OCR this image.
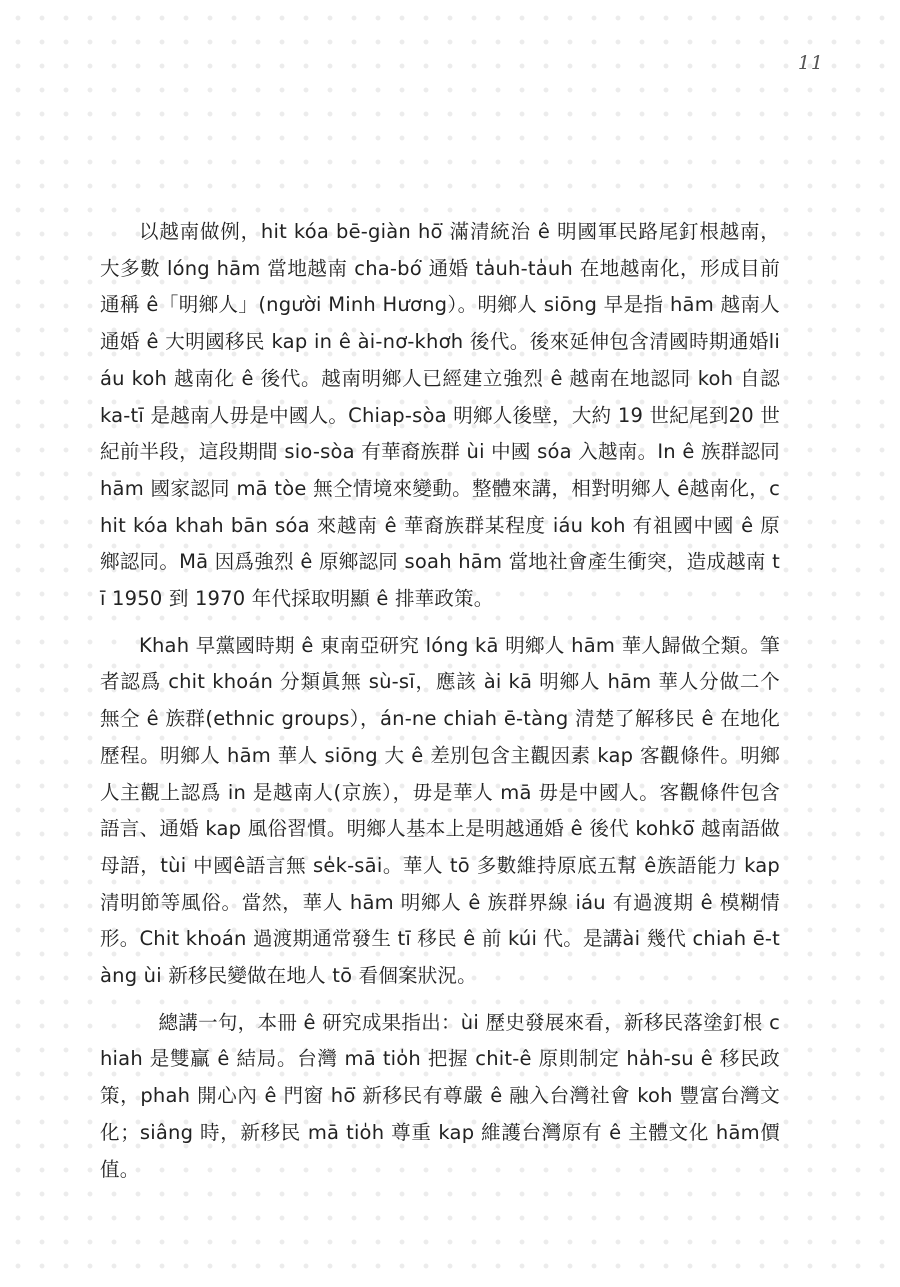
11

以越南做例，hit kóa bē-giàn hō͘ 滿清統治 ê 明國軍民路尾釘根越南，大多數 lóng hām 當地越南 cha-bó͘ 通婚 ta̍uh-ta̍uh 在地越南化，形成目前通稱 ê「明鄉人」(người Minh Hương）。明鄉人 siōng 早是指 hām 越南人通婚 ê 大明國移民 kap in ê ài-nơ-khơh 後代。後來延伸包含清國時期通婚liáu koh 越南化 ê 後代。越南明鄉人已經建立強烈 ê 越南在地認同 koh 自認 ka-tī 是越南人毋是中國人。Chiap-sòa 明鄉人後壁，大約 19 世紀尾到20 世紀前半段，這段期間 sio-sòa 有華裔族群 ùi 中國 sóa 入越南。In ê 族群認同 hām 國家認同 mā tòe 無仝情境來變動。整體來講，相對明鄉人 ê越南化，chit kóa khah bān sóa 來越南 ê 華裔族群某程度 iáu koh 有祖國中國 ê 原鄉認同。Mā 因爲強烈 ê 原鄉認同 soah hām 當地社會產生衝突，造成越南 tī 1950 到 1970 年代採取明顯 ê 排華政策。

Khah 早黨國時期 ê 東南亞研究 lóng kā 明鄉人 hām 華人歸做仝類。筆者認爲 chit khoán 分類眞無 sù-sī，應該 ài kā 明鄉人 hām 華人分做二个無仝 ê 族群(ethnic groups），án-ne chiah ē-tàng 清楚了解移民 ê 在地化歷程。明鄉人 hām 華人 siōng 大 ê 差別包含主觀因素 kap 客觀條件。明鄉人主觀上認爲 in 是越南人(京族），毋是華人 mā 毋是中國人。客觀條件包含語言、通婚 kap 風俗習慣。明鄉人基本上是明越通婚 ê 後代 kohkō͘ 越南語做母語，tùi 中國ê語言無 se̍k-sāi。華人 tō 多數維持原底五幫 ê族語能力 kap 清明節等風俗。當然，華人 hām 明鄉人 ê 族群界線 iáu 有過渡期 ê 模糊情形。Chit khoán 過渡期通常發生 tī 移民 ê 前 kúi 代。是講ài 幾代 chiah ē-tàng ùi 新移民變做在地人 tō 看個案狀況。

總講一句，本冊 ê 研究成果指出：ùi 歷史發展來看，新移民落塗釘根 chiah 是雙贏 ê 結局。台灣 mā tio̍h 把握 chit-ê 原則制定 ha̍h-su ê 移民政策，phah 開心內 ê 門窗 hō͘ 新移民有尊嚴 ê 融入台灣社會 koh 豐富台灣文化；siâng 時，新移民 mā tio̍h 尊重 kap 維護台灣原有 ê 主體文化 hām價值。
